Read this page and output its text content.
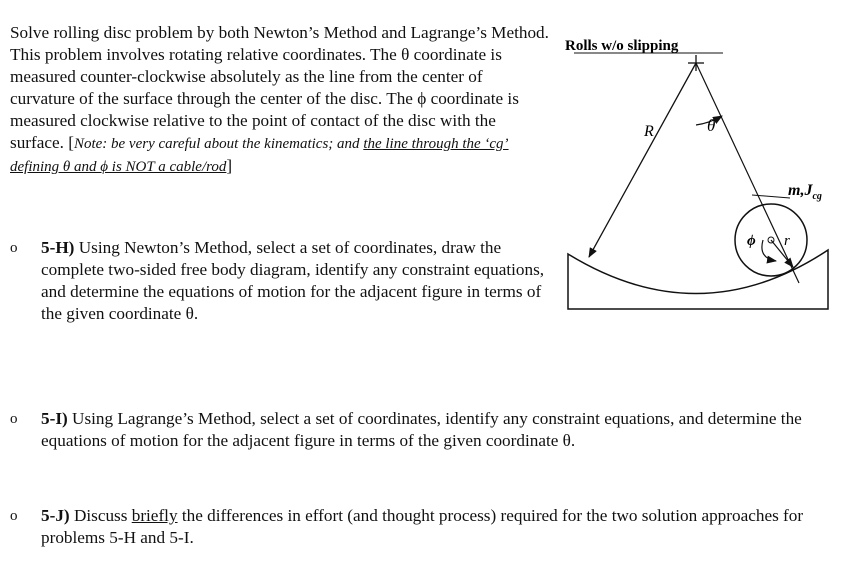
Solve rolling disc problem by both Newton’s Method and Lagrange’s Method. This problem involves rotating relative coordinates. The θ coordinate is measured counter-clockwise absolutely as the line from the center of curvature of the surface through the center of the disc. The ϕ coordinate is measured clockwise relative to the point of contact of the disc with the surface. [Note: be very careful about the kinematics; and the line through the ‘cg’ defining θ and ϕ is NOT a cable/rod]
o	5-H) Using Newton’s Method, select a set of coordinates, draw the complete two-sided free body diagram, identify any constraint equations, and determine the equations of motion for the adjacent figure in terms of the given coordinate θ.
o	5-I) Using Lagrange’s Method, select a set of coordinates, identify any constraint equations, and determine the equations of motion for the adjacent figure in terms of the given coordinate θ.
o	5-J) Discuss briefly the differences in effort (and thought process) required for the two solution approaches for problems 5-H and 5-I.
Rolls w/o slipping
R	θ
$m,J_{cg}$
ϕ r
